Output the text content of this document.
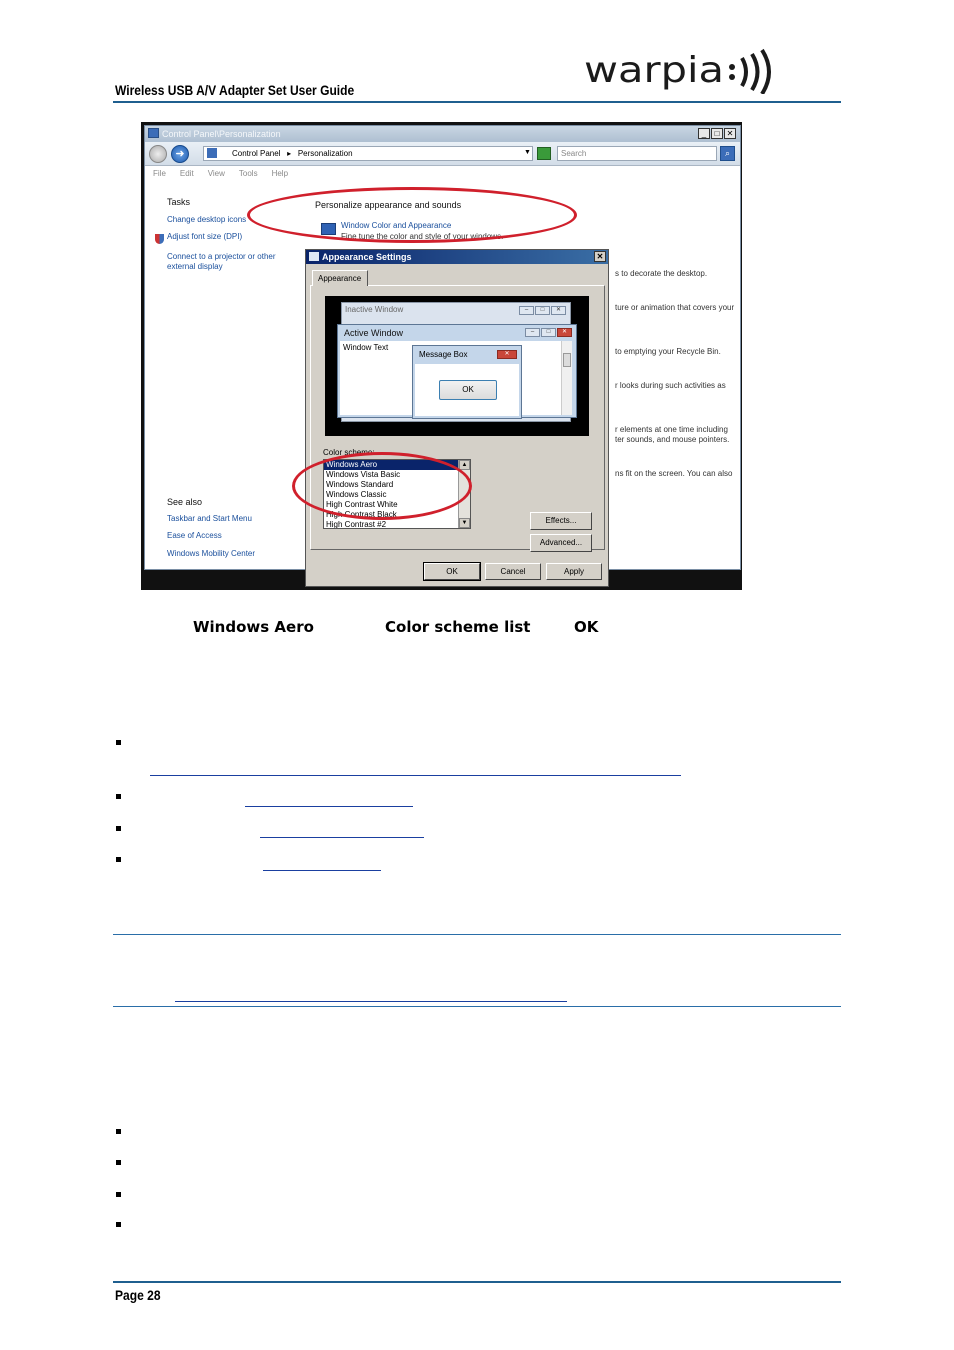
Wireless USB A/V Adapter Set User Guide	warpia
Control Panel\Personalization	_	□ ✕
➜	Control Panel ▸ Personalization	▼	Search	⌕
File Edit View Tools Help
Tasks
Change desktop icons
Adjust font size (DPI)
Connect to a projector or other
external display
See also
Taskbar and Start Menu
Ease of Access
Windows Mobility Center
Personalize appearance and sounds
Window Color and Appearance
Fine tune the color and style of your windows.
s to decorate the desktop.
ture or animation that covers your
to emptying your Recycle Bin.
r looks during such activities as
r elements at one time including
ter sounds, and mouse pointers.
ns fit on the screen. You can also
Appearance Settings	✕
Appearance
Inactive Window	–	□	✕
Active Window	–	□	✕
Window Text
Message Box	✕
OK
Color scheme:
Windows Aero
Windows Vista Basic
Windows Standard
Windows Classic
High Contrast White
High Contrast Black
High Contrast #2
▲
▼	Effects...
Advanced...
OK	Cancel	Apply
Windows Aero	Color scheme list	OK
Page 28
